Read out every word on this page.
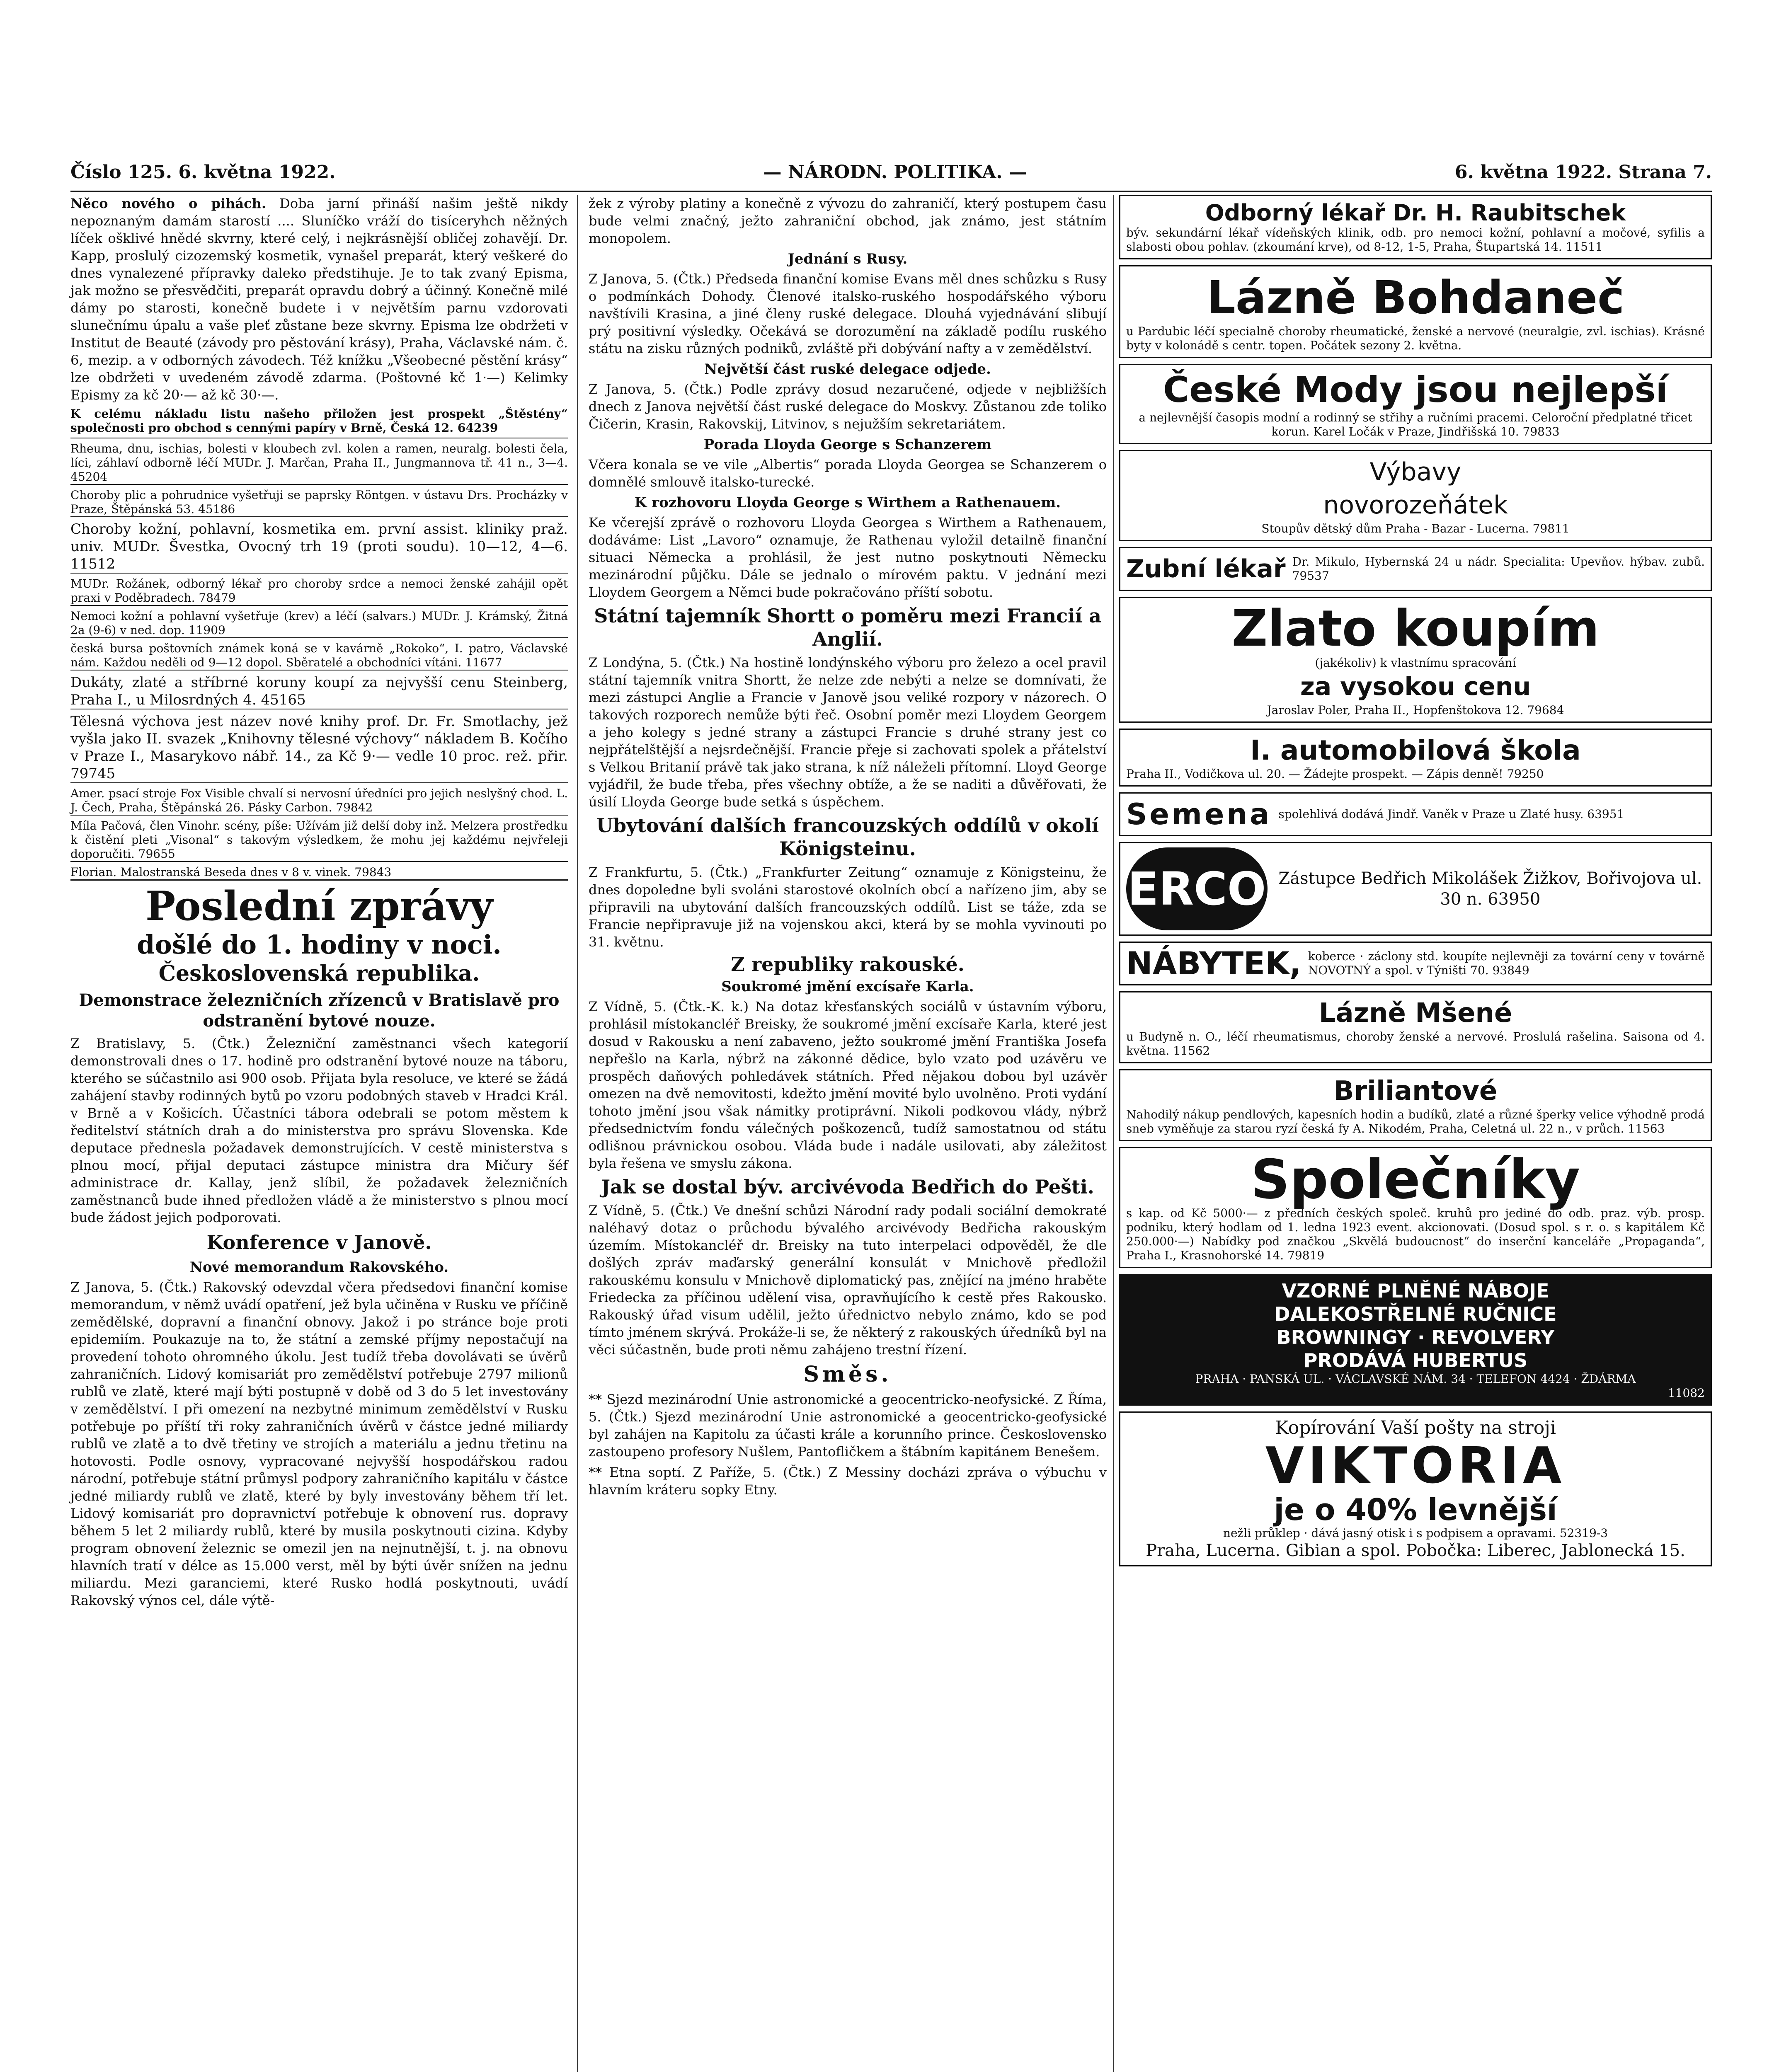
Číslo 125. 6. května 1922.	— NÁRODN. POLITIKA. —	6. května 1922. Strana 7.

Něco nového o pihách. Doba jarní přináší našim ještě nikdy nepoznaným damám starostí .... Sluníčko vráží do tisíceryhch něžných líček ošklivé hnědé skvrny, které celý, i nejkrásnější obličej zohavějí. Dr. Kapp, proslulý cizozemský kosmetik, vynašel preparát, který veškeré do dnes vynalezené přípravky daleko předstihuje. Je to tak zvaný Episma, jak možno se přesvědčiti, preparát opravdu dobrý a účinný. Konečně milé dámy po starosti, konečně budete i v největším parnu vzdorovati slunečnímu úpalu a vaše pleť zůstane beze skvrny. Episma lze obdržeti v Institut de Beauté (závody pro pěstování krásy), Praha, Václavské nám. č. 6, mezip. a v odborných závodech. Též knížku „Všeobecné pěstění krásy“ lze obdržeti v uvedeném závodě zdarma. (Poštovné kč 1·—) Kelimky Epismy za kč 20·— až kč 30·—.

K celému nákladu listu našeho přiložen jest prospekt „Štěstény“ společnosti pro obchod s cennými papíry v Brně, Česká 12. 64239

Rheuma, dnu, ischias, bolesti v kloubech zvl. kolen a ramen, neuralg. bolesti čela, líci, záhlaví odborně léčí MUDr. J. Marčan, Praha II., Jungmannova tř. 41 n., 3—4. 45204

Choroby plic a pohrudnice vyšetřuji se paprsky Röntgen. v ústavu Drs. Procházky v Praze, Štěpánská 53. 45186

Choroby kožní, pohlavní, kosmetika em. první assist. kliniky praž. univ. MUDr. Švestka, Ovocný trh 19 (proti soudu). 10—12, 4—6. 11512

MUDr. Rožánek, odborný lékař pro choroby srdce a nemoci ženské zahájil opět praxi v Poděbradech. 78479

Nemoci kožní a pohlavní vyšetřuje (krev) a léčí (salvars.) MUDr. J. Krámský, Žitná 2a (9-6) v ned. dop. 11909

česká bursa poštovních známek koná se v kavárně „Rokoko“, I. patro, Václavské nám. Každou neděli od 9—12 dopol. Sběratelé a obchodníci vítáni. 11677

Dukáty, zlaté a stříbrné koruny koupí za nejvyšší cenu Steinberg, Praha I., u Milosrdných 4. 45165

Tělesná výchova jest název nové knihy prof. Dr. Fr. Smotlachy, jež vyšla jako II. svazek „Knihovny tělesné výchovy“ nákladem B. Kočího v Praze I., Masarykovo nábř. 14., za Kč 9·— vedle 10 proc. rež. přir. 79745

Amer. psací stroje Fox Visible chvalí si nervosní úředníci pro jejich neslyšný chod. L. J. Čech, Praha, Štěpánská 26. Pásky Carbon. 79842

Míla Pačová, člen Vinohr. scény, píše: Užívám již delší doby inž. Melzera prostředku k čistění pleti „Visonal“ s takovým výsledkem, že mohu jej každému nejvřeleji doporučiti. 79655

Florian. Malostranská Beseda dnes v 8 v. vinek. 79843

Poslední zprávy
došlé do 1. hodiny v noci.
Československá republika.
Demonstrace železničních zřízenců v Bratislavě pro odstranění bytové nouze.

Z Bratislavy, 5. (Čtk.) Železniční zaměstnanci všech kategorií demonstrovali dnes o 17. hodině pro odstranění bytové nouze na táboru, kterého se súčastnilo asi 900 osob. Přijata byla resoluce, ve které se žádá zahájení stavby rodinných bytů po vzoru podobných staveb v Hradci Král. v Brně a v Košicích. Účastníci tábora odebrali se potom městem k ředitelství státních drah a do ministerstva pro správu Slovenska. Kde deputace přednesla požadavek demonstrujících. V cestě ministerstva s plnou mocí, přijal deputaci zástupce ministra dra Mičury šéf administrace dr. Kallay, jenž slíbil, že požadavek železničních zaměstnanců bude ihned předložen vládě a že ministerstvo s plnou mocí bude žádost jejich podporovati.

Konference v Janově.
Nové memorandum Rakovského.

Z Janova, 5. (Čtk.) Rakovský odevzdal včera předsedovi finanční komise memorandum, v němž uvádí opatření, jež byla učiněna v Rusku ve příčině zemědělské, dopravní a finanční obnovy. Jakož i po stránce boje proti epidemiím. Poukazuje na to, že státní a zemské příjmy nepostačují na provedení tohoto ohromného úkolu. Jest tudíž třeba dovolávati se úvěrů zahraničních. Lidový komisariát pro zemědělství potřebuje 2797 milionů rublů ve zlatě, které mají býti postupně v době od 3 do 5 let investovány v zemědělství. I při omezení na nezbytné minimum zemědělství v Rusku potřebuje po příští tři roky zahraničních úvěrů v částce jedné miliardy rublů ve zlatě a to dvě třetiny ve strojích a materiálu a jednu třetinu na hotovosti. Podle osnovy, vypracované nejvyšší hospodářskou radou národní, potřebuje státní průmysl podpory zahraničního kapitálu v částce jedné miliardy rublů ve zlatě, které by byly investovány během tří let. Lidový komisariát pro dopravnictví potřebuje k obnovení rus. dopravy během 5 let 2 miliardy rublů, které by musila poskytnouti cizina. Kdyby program obnovení železnic se omezil jen na nejnutnější, t. j. na obnovu hlavních tratí v délce as 15.000 verst, měl by býti úvěr snížen na jednu miliardu. Mezi garanciemi, které Rusko hodlá poskytnouti, uvádí Rakovský výnos cel, dále výtě-

žek z výroby platiny a konečně z vývozu do zahraničí, který postupem času bude velmi značný, ježto zahraniční obchod, jak známo, jest státním monopolem.

Jednání s Rusy.

Z Janova, 5. (Čtk.) Předseda finanční komise Evans měl dnes schůzku s Rusy o podmínkách Dohody. Členové italsko-ruského hospodářského výboru navštívili Krasina, a jiné členy ruské delegace. Dlouhá vyjednávání slibují prý positivní výsledky. Očekává se dorozumění na základě podílu ruského státu na zisku různých podniků, zvláště při dobývání nafty a v zemědělství.

Největší část ruské delegace odjede.

Z Janova, 5. (Čtk.) Podle zprávy dosud nezaručené, odjede v nejbližších dnech z Janova největší část ruské delegace do Moskvy. Zůstanou zde toliko Čičerin, Krasin, Rakovskij, Litvinov, s nejužším sekretariátem.

Porada Lloyda George s Schanzerem

Včera konala se ve vile „Albertis“ porada Lloyda Georgea se Schanzerem o domnělé smlouvě italsko-turecké.

K rozhovoru Lloyda George s Wirthem a Rathenauem.

Ke včerejší zprávě o rozhovoru Lloyda Georgea s Wirthem a Rathenauem, dodáváme: List „Lavoro“ oznamuje, že Rathenau vyložil detailně finanční situaci Německa a prohlásil, že jest nutno poskytnouti Německu mezinárodní půjčku. Dále se jednalo o mírovém paktu. V jednání mezi Lloydem Georgem a Němci bude pokračováno příští sobotu.

Státní tajemník Shortt o poměru mezi Francií a Anglií.

Z Londýna, 5. (Čtk.) Na hostině londýnského výboru pro železo a ocel pravil státní tajemník vnitra Shortt, že nelze zde nebýti a nelze se domnívati, že mezi zástupci Anglie a Francie v Janově jsou veliké rozpory v názorech. O takových rozporech nemůže býti řeč. Osobní poměr mezi Lloydem Georgem a jeho kolegy s jedné strany a zástupci Francie s druhé strany jest co nejpřátelštější a nejsrdečnější. Francie přeje si zachovati spolek a přátelství s Velkou Britanií právě tak jako strana, k níž náleželi přítomní. Lloyd George vyjádřil, že bude třeba, přes všechny obtíže, a že se naditi a důvěřovati, že úsilí Lloyda George bude setká s úspěchem.

Ubytování dalších francouzských oddílů v okolí Königsteinu.

Z Frankfurtu, 5. (Čtk.) „Frankfurter Zeitung“ oznamuje z Königsteinu, že dnes dopoledne byli svoláni starostové okolních obcí a nařízeno jim, aby se připravili na ubytování dalších francouzských oddílů. List se táže, zda se Francie nepřipravuje již na vojenskou akci, která by se mohla vyvinouti po 31. květnu.

Z republiky rakouské.
Soukromé jmění excísaře Karla.

Z Vídně, 5. (Čtk.-K. k.) Na dotaz křesťanských sociálů v ústavním výboru, prohlásil místokancléř Breisky, že soukromé jmění excísaře Karla, které jest dosud v Rakousku a není zabaveno, ježto soukromé jmění Františka Josefa nepřešlo na Karla, nýbrž na zákonné dědice, bylo vzato pod uzávěru ve prospěch daňových pohledávek státních. Před nějakou dobou byl uzávěr omezen na dvě nemovitosti, kdežto jmění movité bylo uvolněno. Proti vydání tohoto jmění jsou však námitky protiprávní. Nikoli podkovou vlády, nýbrž předsednictvím fondu válečných poškozenců, tudíž samostatnou od státu odlišnou právnickou osobou. Vláda bude i nadále usilovati, aby záležitost byla řešena ve smyslu zákona.

Jak se dostal býv. arcivévoda Bedřich do Pešti.

Z Vídně, 5. (Čtk.) Ve dnešní schůzi Národní rady podali sociální demokraté naléhavý dotaz o průchodu bývalého arcivévody Bedřicha rakouským územím. Místokancléř dr. Breisky na tuto interpelaci odpověděl, že dle došlých zpráv maďarský generální konsulát v Mnichově předložil rakouskému konsulu v Mnichově diplomatický pas, znějící na jméno hraběte Friedecka za příčinou udělení visa, opravňujícího k cestě přes Rakousko. Rakouský úřad visum udělil, ježto úřednictvo nebylo známo, kdo se pod tímto jménem skrývá. Prokáže-li se, že některý z rakouských úředníků byl na věci súčastněn, bude proti němu zahájeno trestní řízení.

Směs.

** Sjezd mezinárodní Unie astronomické a geocentricko-neofysické. Z Říma, 5. (Čtk.) Sjezd mezinárodní Unie astronomické a geocentricko-geofysické byl zahájen na Kapitolu za účasti krále a korunního prince. Československo zastoupeno profesory Nušlem, Pantofličkem a štábním kapitánem Benešem.

** Etna soptí. Z Paříže, 5. (Čtk.) Z Messiny docházi zpráva o výbuchu v hlavním kráteru sopky Etny.

Odborný lékař Dr. H. Raubitschek
býv. sekundární lékař vídeňských klinik, odb. pro nemoci kožní, pohlavní a močové, syfilis a slabosti obou pohlav. (zkoumání krve), od 8-12, 1-5, Praha, Štupartská 14. 11511
Lázně Bohdaneč
u Pardubic léčí specialně choroby rheumatické, ženské a nervové (neuralgie, zvl. ischias). Krásné byty v kolonádě s centr. topen. Počátek sezony 2. května.
České Mody jsou nejlepší
a nejlevnější časopis modní a rodinný se střihy a ručními pracemi. Celoroční předplatné třicet korun. Karel Ločák v Praze, Jindřišská 10. 79833
Výbavy
novorozeňátek
Stoupův dětský dům Praha - Bazar - Lucerna. 79811
Zubní lékař Dr. Mikulo, Hybernská 24 u nádr. Specialita: Upevňov. hýbav. zubů. 79537
Zlato koupím
(jakékoliv) k vlastnímu spracování
za vysokou cenu
Jaroslav Poler, Praha II., Hopfenštokova 12. 79684
I. automobilová škola
Praha II., Vodičkova ul. 20. — Žádejte prospekt. — Zápis denně! 79250
Semena spolehlivá dodává Jindř. Vaněk v Praze u Zlaté husy. 63951
ERCO Zástupce Bedřich Mikolášek Žižkov, Bořivojova ul. 30 n. 63950
NÁBYTEK, koberce · záclony std. koupíte nejlevněji za tovární ceny v továrně NOVOTNÝ a spol. v Týništi 70. 93849
Lázně Mšené
u Budyně n. O., léčí rheumatismus, choroby ženské a nervové. Proslulá rašelina. Saisona od 4. května. 11562
Briliantové
Nahodilý nákup pendlových, kapesních hodin a budíků, zlaté a různé šperky velice výhodně prodá sneb vyměňuje za starou ryzí česká fy A. Nikodém, Praha, Celetná ul. 22 n., v průch. 11563
Společníky
s kap. od Kč 5000·— z předních českých společ. kruhů pro jediné do odb. praz. výb. prosp. podniku, který hodlam od 1. ledna 1923 event. akcionovati. (Dosud spol. s r. o. s kapitálem Kč 250.000·—) Nabídky pod značkou „Skvělá budoucnost“ do inserční kanceláře „Propaganda“, Praha I., Krasnohorské 14. 79819
VZORNÉ PLNĚNÉ NÁBOJE
DALEKOSTŘELNÉ RUČNICE
BROWNINGY · REVOLVERY
PRODÁVÁ HUBERTUS
PRAHA · PANSKÁ UL. · VÁCLAVSKÉ NÁM. 34 · TELEFON 4424 · ŽDÁRMA
11082
Kopírování Vaší pošty na stroji
VIKTORIA
je o 40% levnější
nežli průklep · dává jasný otisk i s podpisem a opravami. 52319-3
Praha, Lucerna. Gibian a spol. Pobočka: Liberec, Jablonecká 15.
